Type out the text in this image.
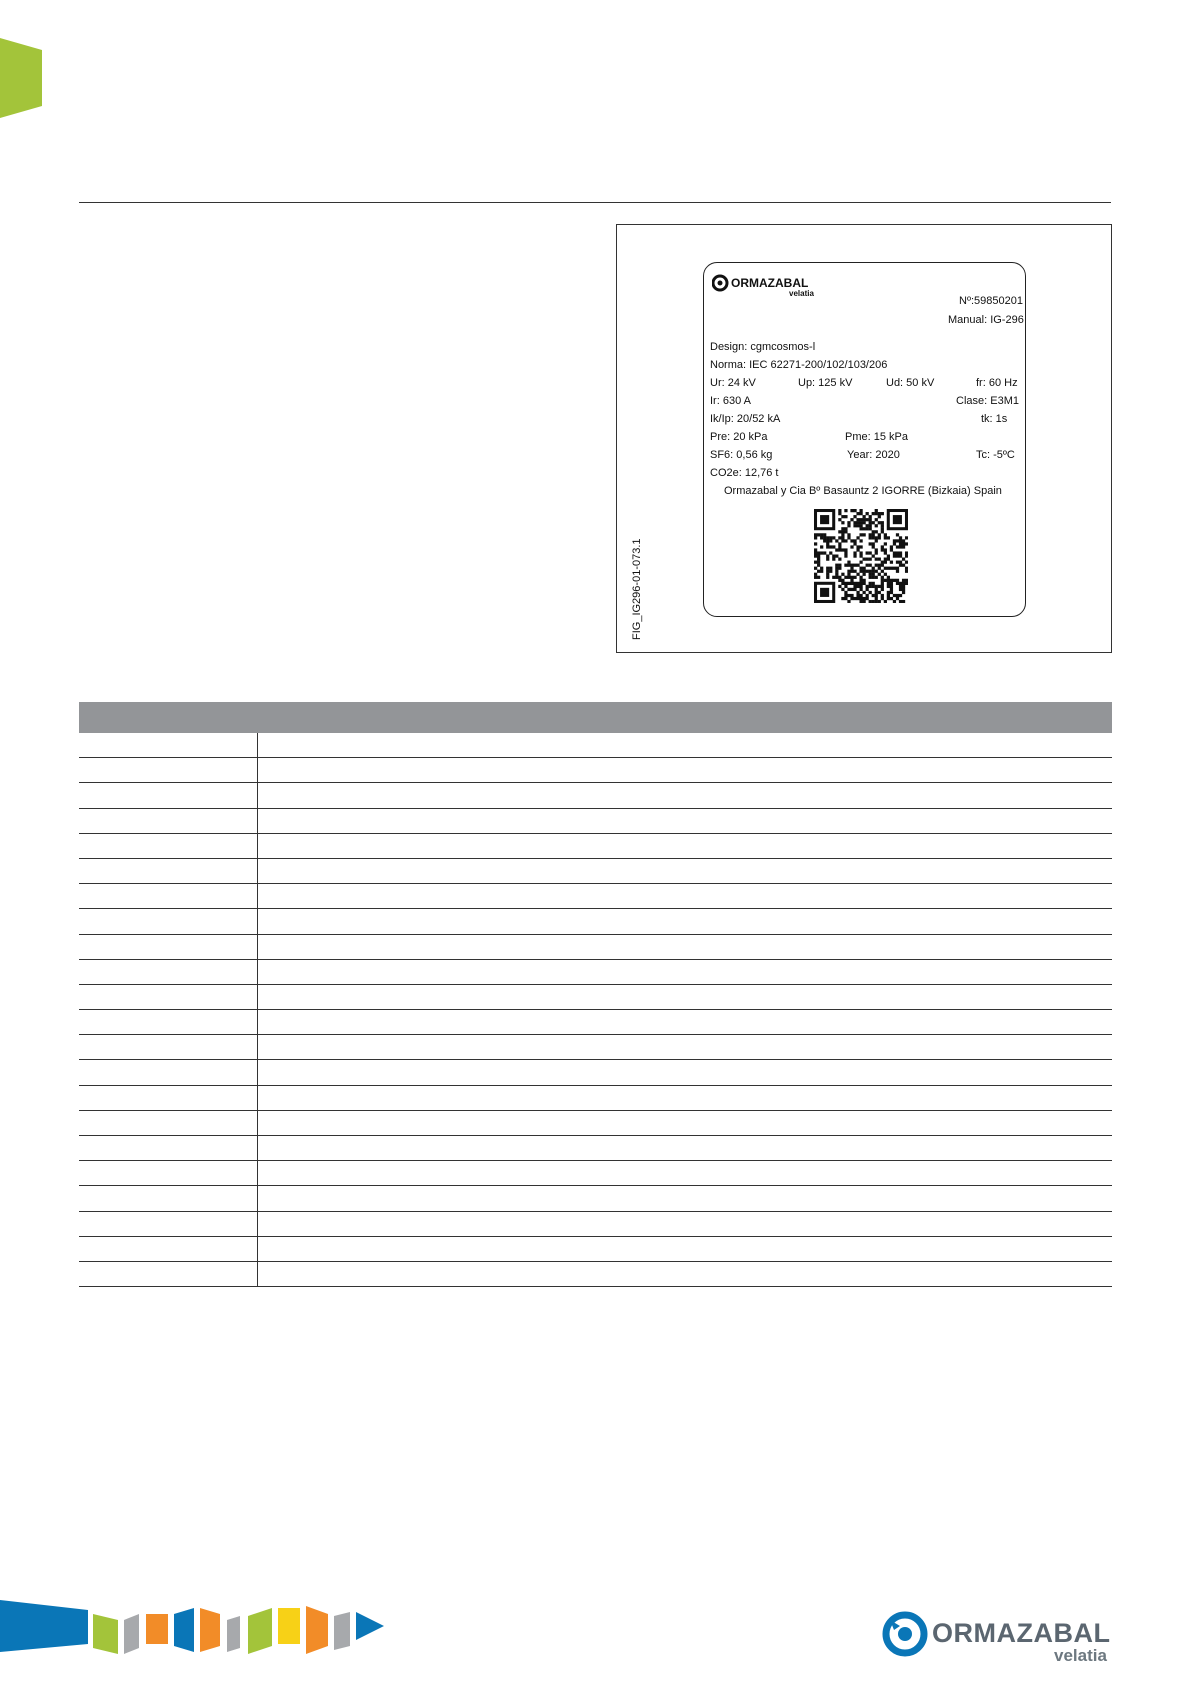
FIG_IG296-01-073.1
ORMAZABAL
velatia
Nº:59850201
Manual: IG-296
Design: cgmcosmos-l
Norma: IEC 62271-200/102/103/206
Ur: 24 kV	Up: 125 kV	Ud: 50 kV	fr: 60 Hz
Ir: 630 A	Clase: E3M1
Ik/Ip: 20/52 kA	tk: 1s
Pre: 20 kPa	Pme: 15 kPa
SF6: 0,56 kg	Year: 2020	Tc: -5ºC
CO2e: 12,76 t
Ormazabal y Cia Bº Basauntz 2 IGORRE (Bizkaia) Spain
ORMAZABAL
velatia
